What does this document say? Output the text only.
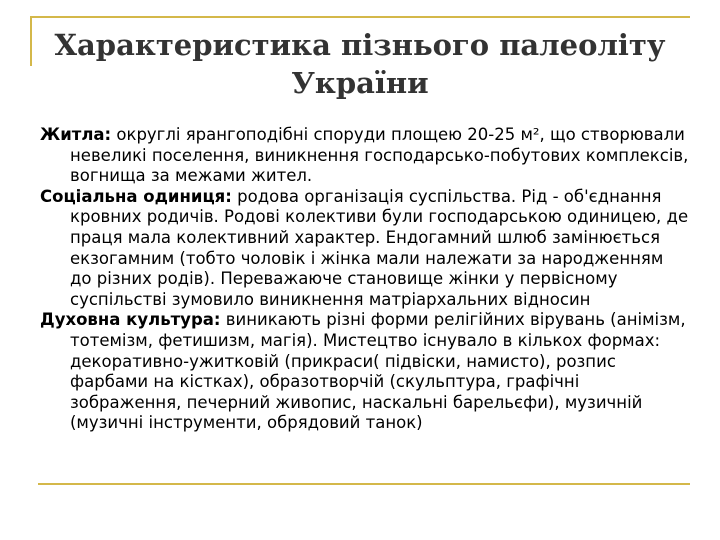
Характеристика пізнього палеоліту
України

Житла: округлі ярангоподібні споруди площею 20-25 м², що створювали невеликі поселення, виникнення господарсько-побутових комплексів, вогнища за межами жител.

Соціальна одиниця: родова організація суспільства. Рід - об'єднання кровних родичів. Родові колективи були господарською одиницею, де праця мала колективний характер. Ендогамний шлюб замінюється екзогамним (тобто чоловік і жінка мали належати за народженням до різних родів). Переважаюче становище жінки у первісному суспільстві зумовило виникнення матріархальних відносин

Духовна культура: виникають різні форми релігійних вірувань (анімізм, тотемізм, фетишизм, магія). Мистецтво існувало в кількох формах: декоративно-ужитковій (прикраси( підвіски, намисто), розпис фарбами на кістках), образотворчій (скульптура, графічні зображення, печерний живопис, наскальні барельєфи), музичній (музичні інструменти, обрядовий танок)
